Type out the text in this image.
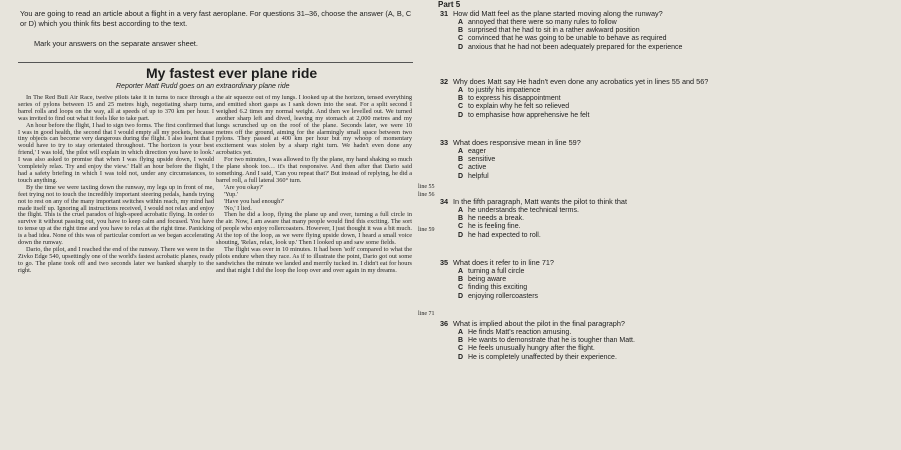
Part 5
You are going to read an article about a flight in a very fast aeroplane. For questions 31–36, choose the answer (A, B, C or D) which you think fits best according to the text.
Mark your answers on the separate answer sheet.
My fastest ever plane ride
Reporter Matt Rudd goes on an extraordinary plane ride

In The Red Bull Air Race, twelve pilots take it in turns to race through a series of pylons between 15 and 25 metres high, negotiating sharp turns, barrel rolls and loops on the way, all at speeds of up to 370 km per hour. I was invited to find out what it feels like to take part.

An hour before the flight, I had to sign two forms. The first confirmed that I was in good health, the second that I would empty all my pockets, because tiny objects can become very dangerous during the flight. I also learnt that I would have to try to stay orientated throughout. 'The horizon is your best friend,' I was told, 'the pilot will explain in which direction you have to look.' I was also asked to promise that when I was flying upside down, I would 'completely relax. Try and enjoy the view.' Half an hour before the flight, I had a safety briefing in which I was told not, under any circumstances, to touch anything.

By the time we were taxiing down the runway, my legs up in front of me, feet trying not to touch the incredibly important steering pedals, hands trying not to rest on any of the many important switches within reach, my mind had made itself up. Ignoring all instructions received, I would not relax and enjoy the flight. This is the cruel paradox of high-speed acrobatic flying. In order to survive it without passing out, you have to keep calm and focused. You have to tense up at the right time and you have to relax at the right time. Panicking is a bad idea. None of this was of particular comfort as we began accelerating down the runway.

Dario, the pilot, and I reached the end of the runway. There we were in the Zivko Edge 540, upsettingly one of the world's fastest acrobatic planes, ready to go. The plane took off and two seconds later we banked sharply to the right.

the air squeeze out of my lungs. I looked up at the horizon, tensed everything and emitted short gasps as I sank down into the seat. For a split second I weighed 6.2 times my normal weight. And then we levelled out. We turned another sharp left and dived, leaving my stomach at 2,000 metres and my lungs scrunched up on the roof of the plane. Seconds later, we were 10 metres off the ground, aiming for the alarmingly small space between two pylons. They passed at 400 km per hour but my whoop of momentary excitement was stolen by a sharp right turn. We hadn't even done any acrobatics yet.

For two minutes, I was allowed to fly the plane, my hand shaking so much the plane shook too… it's that responsive. And then after that Dario said something. And I said, 'Can you repeat that?' But instead of replying, he did a barrel roll, a full lateral 360° turn.

'Are you okay?'

'Yup.'

'Have you had enough?'

'No,' I lied.

Then he did a loop, flying the plane up and over, turning a full circle in the air. Now, I am aware that many people would find this exciting. The sort of people who enjoy rollercoasters. However, I just thought it was a bit much. At the top of the loop, as we were flying upside down, I heard a small voice shouting, 'Relax, relax, look up.' Then I looked up and saw some fields.

The flight was over in 10 minutes. It had been 'soft' compared to what the pilots endure when they race. As if to illustrate the point, Dario got out some sandwiches the minute we landed and merrily tucked in. I didn't eat for hours and that night I did the loop the loop over and over again in my dreams.

line 55
line 56
line 59
line 71
31 How did Matt feel as the plane started moving along the runway?
A annoyed that there were so many rules to follow
B surprised that he had to sit in a rather awkward position
C convinced that he was going to be unable to behave as required
D anxious that he had not been adequately prepared for the experience
32 Why does Matt say He hadn't even done any acrobatics yet in lines 55 and 56?
A to justify his impatience
B to express his disappointment
C to explain why he felt so relieved
D to emphasise how apprehensive he felt
33 What does responsive mean in line 59?
A eager
B sensitive
C active
D helpful
34 In the fifth paragraph, Matt wants the pilot to think that
A he understands the technical terms.
B he needs a break.
C he is feeling fine.
D he had expected to roll.
35 What does it refer to in line 71?
A turning a full circle
B being aware
C finding this exciting
D enjoying rollercoasters
36 What is implied about the pilot in the final paragraph?
A He finds Matt's reaction amusing.
B He wants to demonstrate that he is tougher than Matt.
C He feels unusually hungry after the flight.
D He is completely unaffected by their experience.
